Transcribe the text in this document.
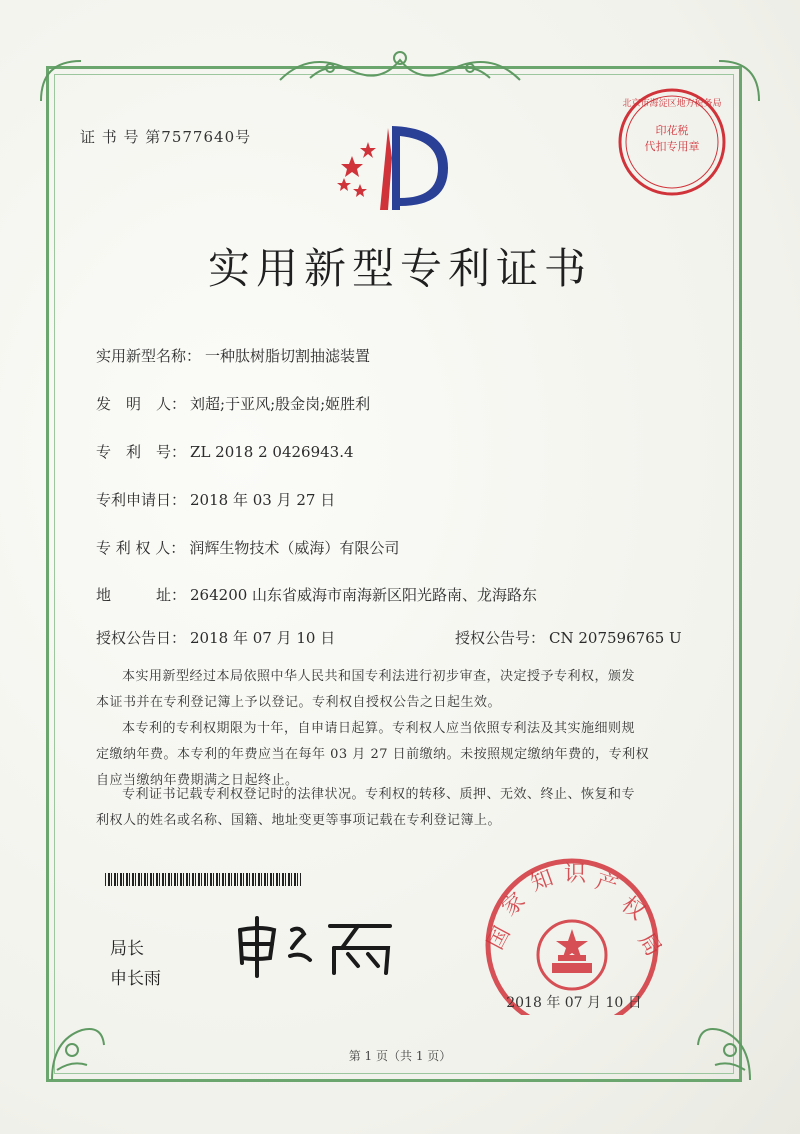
证 书 号 第7577640号	印花税
代扣专用章
北京市海淀区地方税务局
实用新型专利证书
实用新型名称： 一种肽树脂切割抽滤装置
发　明　人： 刘超;于亚风;殷金岗;姬胜利
专　利　号： ZL 2018 2 0426943.4
专利申请日： 2018 年 03 月 27 日
专 利 权 人： 润辉生物技术（威海）有限公司
地　　　址： 264200 山东省威海市南海新区阳光路南、龙海路东
授权公告日： 2018 年 07 月 10 日	授权公告号： CN 207596765 U
本实用新型经过本局依照中华人民共和国专利法进行初步审查，决定授予专利权，颁发
本证书并在专利登记簿上予以登记。专利权自授权公告之日起生效。
本专利的专利权期限为十年，自申请日起算。专利权人应当依照专利法及其实施细则规
定缴纳年费。本专利的年费应当在每年 03 月 27 日前缴纳。未按照规定缴纳年费的，专利权
自应当缴纳年费期满之日起终止。
专利证书记载专利权登记时的法律状况。专利权的转移、质押、无效、终止、恢复和专
利权人的姓名或名称、国籍、地址变更等事项记载在专利登记簿上。
局长
申长雨
国
家
知 识 产
权
局
2018 年 07 月 10 日
第 1 页（共 1 页）
